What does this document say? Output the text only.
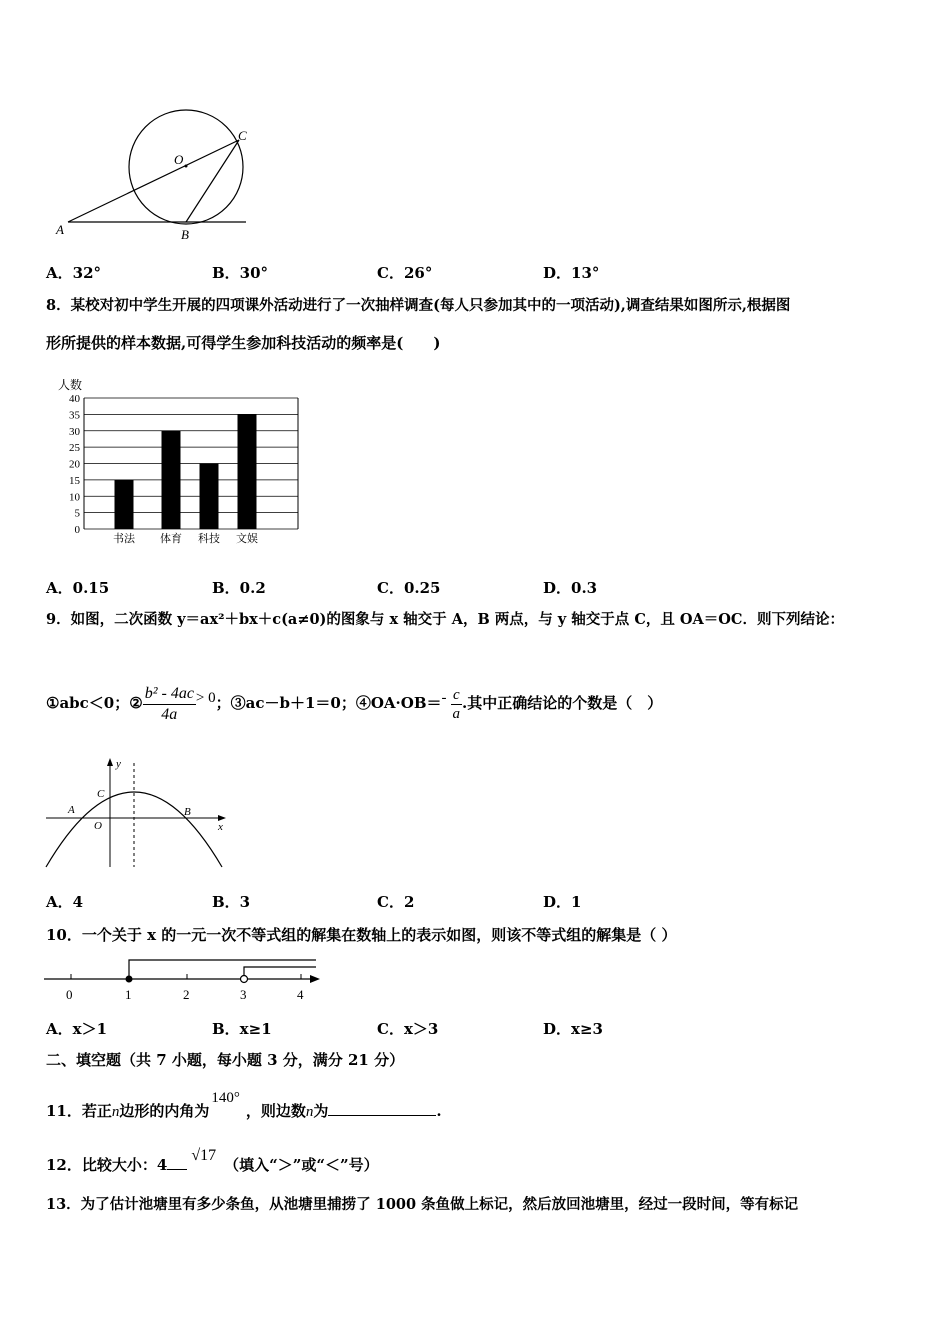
A	B
C
O
A．32°	B．30°	C．26°	D．13°
8．某校对初中学生开展的四项课外活动进行了一次抽样调查(每人只参加其中的一项活动),调查结果如图所示,根据图
形所提供的样本数据,可得学生参加科技活动的频率是(　　)
人数
0
5
10
15
20
25
30
35
40
书法 体育 科技 文娱
A．0.15	B．0.2	C．0.25	D．0.3
9．如图，二次函数 y＝ax²＋bx＋c(a≠0)的图象与 x 轴交于 A，B 两点，与 y 轴交于点 C，且 OA＝OC．则下列结论：
①abc＜0；② $\frac{\text{b² - 4ac}}{4a} > 0$；③ac－b＋1＝0；④OA·OB＝- $\frac{c}{a}$ .其中正确结论的个数是（　）
y
x
C
A	B
O
A．4	B．3	C．2	D．1
10．一个关于 x 的一元一次不等式组的解集在数轴上的表示如图，则该不等式组的解集是（ ）
0	1	2	3	4
A．x＞1	B．x≥1	C．x＞3	D．x≥3
二、填空题（共 7 小题，每小题 3 分，满分 21 分）
11．若正n边形的内角为140°，则边数n为	.
12．比较大小：4√17（填入“＞”或“＜”号）
13．为了估计池塘里有多少条鱼，从池塘里捕捞了 1000 条鱼做上标记，然后放回池塘里，经过一段时间，等有标记
